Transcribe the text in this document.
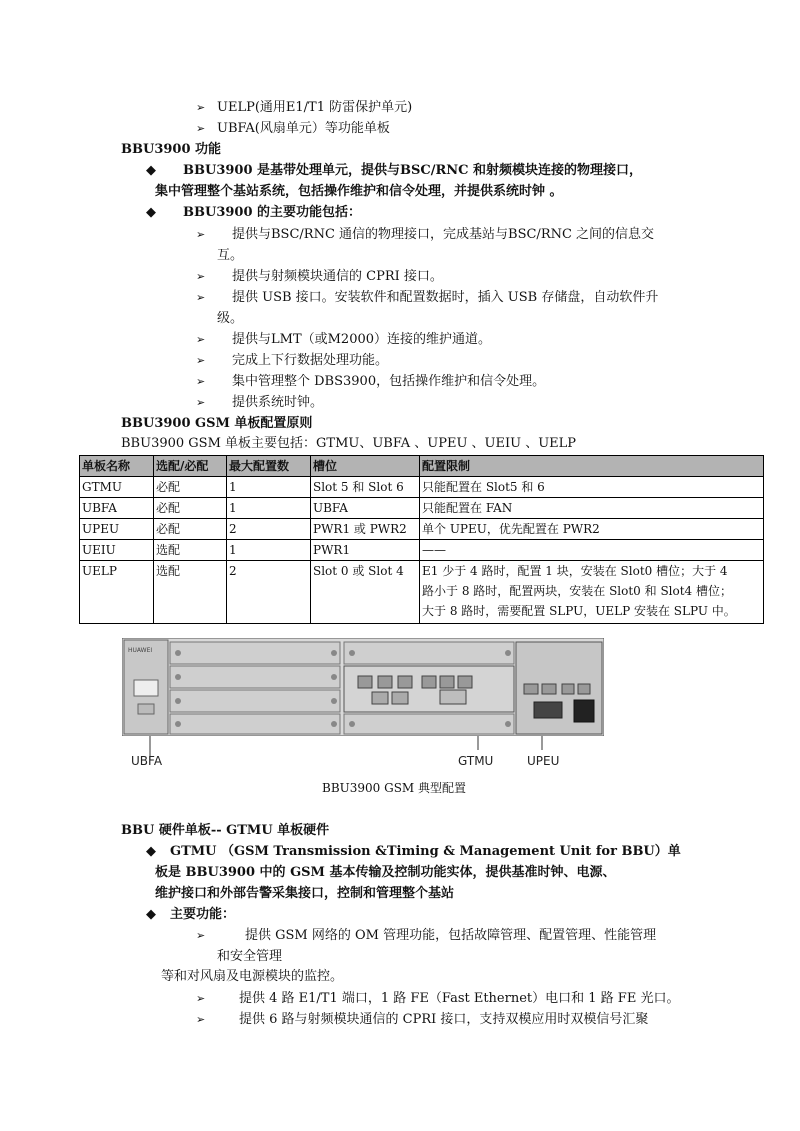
➢ UELP(通用E1/T1 防雷保护单元)
➢ UBFA(风扇单元）等功能单板
BBU3900 功能
◆ BBU3900 是基带处理单元，提供与BSC/RNC 和射频模块连接的物理接口，
集中管理整个基站系统，包括操作维护和信令处理，并提供系统时钟 。
◆ BBU3900 的主要功能包括：
➢ 提供与BSC/RNC 通信的物理接口，完成基站与BSC/RNC 之间的信息交
互。
➢ 提供与射频模块通信的 CPRI 接口。
➢ 提供 USB 接口。安装软件和配置数据时，插入 USB 存储盘，自动软件升
级。
➢ 提供与LMT（或M2000）连接的维护通道。
➢ 完成上下行数据处理功能。
➢ 集中管理整个 DBS3900，包括操作维护和信令处理。
➢ 提供系统时钟。
BBU3900 GSM 单板配置原则
BBU3900 GSM 单板主要包括：GTMU、UBFA 、UPEU 、UEIU 、UELP
单板名称	选配/必配	最大配置数	槽位	配置限制
GTMU	必配	1	Slot 5 和 Slot 6	只能配置在 Slot5 和 6
UBFA	必配	1	UBFA	只能配置在 FAN
UPEU	必配	2	PWR1 或 PWR2	单个 UPEU，优先配置在 PWR2
UEIU	选配	1	PWR1	——
UELP	选配	2	Slot 0 或 Slot 4	E1 少于 4 路时，配置 1 块，安装在 Slot0 槽位；大于 4
路小于 8 路时，配置两块，安装在 Slot0 和 Slot4 槽位；
大于 8 路时，需要配置 SLPU，UELP 安装在 SLPU 中。
HUAWEI
UBFA	GTMU	UPEU
BBU3900 GSM 典型配置
BBU 硬件单板-- GTMU 单板硬件
◆ GTMU （GSM Transmission &Timing & Management Unit for BBU）单
板是 BBU3900 中的 GSM 基本传输及控制功能实体，提供基准时钟、电源、
维护接口和外部告警采集接口，控制和管理整个基站
◆ 主要功能：
➢	提供 GSM 网络的 OM 管理功能，包括故障管理、配置管理、性能管理
和安全管理
等和对风扇及电源模块的监控。
➢	提供 4 路 E1/T1 端口，1 路 FE（Fast Ethernet）电口和 1 路 FE 光口。
➢	提供 6 路与射频模块通信的 CPRI 接口，支持双模应用时双模信号汇聚
